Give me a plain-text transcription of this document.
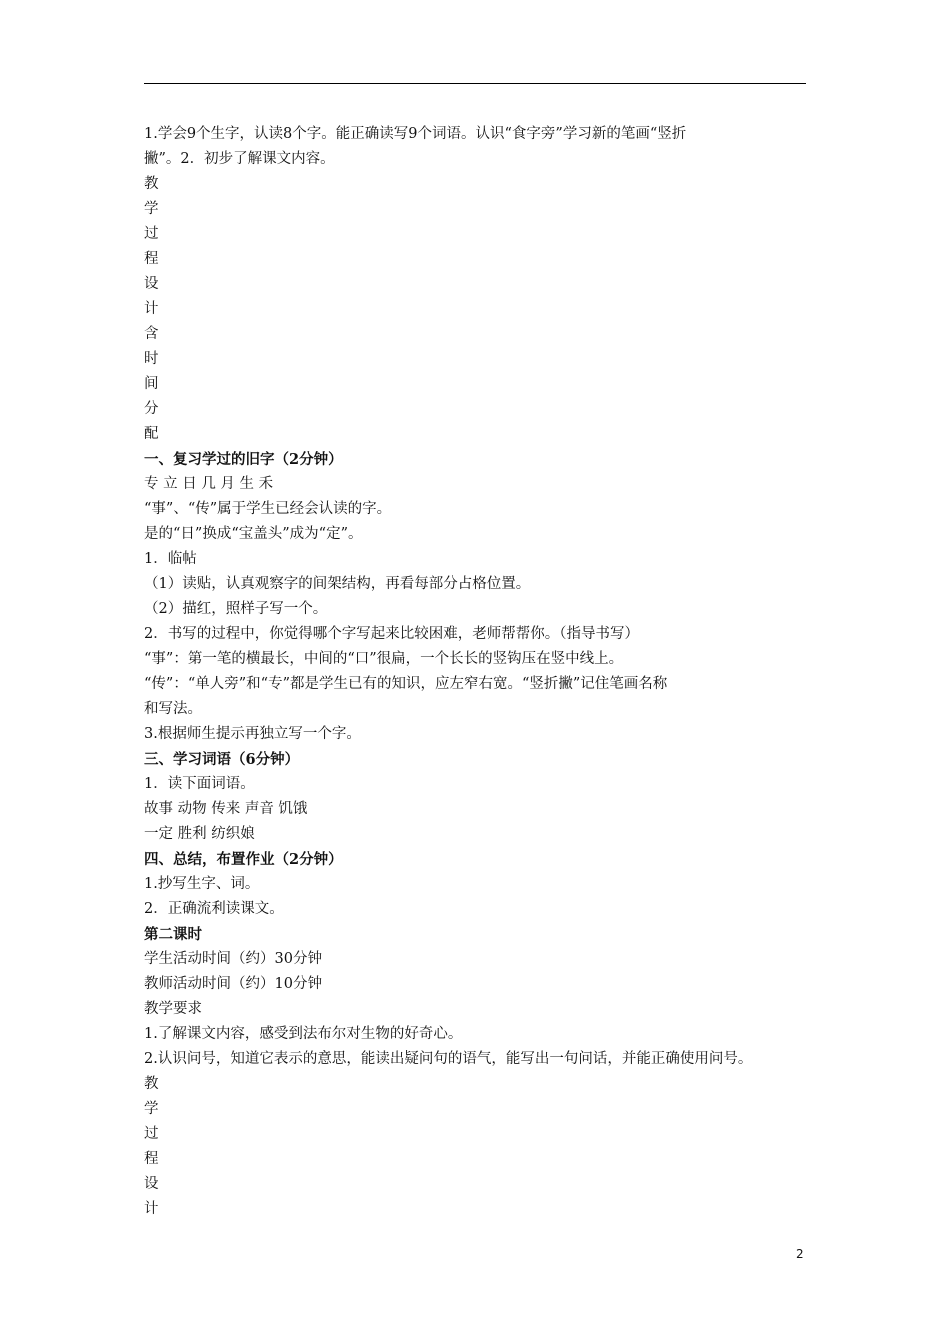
1.学会9个生字，认读8个字。能正确读写9个词语。认识“食字旁”学习新的笔画“竖折
撇”。2．初步了解课文内容。
教
学
过
程
设
计
含
时
间
分
配
一、复习学过的旧字（2分钟）
专 立 日 几 月 生 禾
“事”、“传”属于学生已经会认读的字。
是的“日”换成“宝盖头”成为“定”。
1．临帖
（1）读贴，认真观察字的间架结构，再看每部分占格位置。
（2）描红，照样子写一个。
2．书写的过程中，你觉得哪个字写起来比较困难，老师帮帮你。（指导书写）
“事”：第一笔的横最长，中间的“口”很扁，一个长长的竖钩压在竖中线上。
“传”：“单人旁”和“专”都是学生已有的知识，应左窄右宽。“竖折撇”记住笔画名称
和写法。
3.根据师生提示再独立写一个字。
三、学习词语（6分钟）
1．读下面词语。
故事 动物 传来 声音 饥饿
一定 胜利 纺织娘
四、总结，布置作业（2分钟）
1.抄写生字、词。
2．正确流利读课文。
第二课时
学生活动时间（约）30分钟
教师活动时间（约）10分钟
教学要求
1.了解课文内容，感受到法布尔对生物的好奇心。
2.认识问号，知道它表示的意思，能读出疑问句的语气，能写出一句问话，并能正确使用问号。
教
学
过
程
设
计
2
